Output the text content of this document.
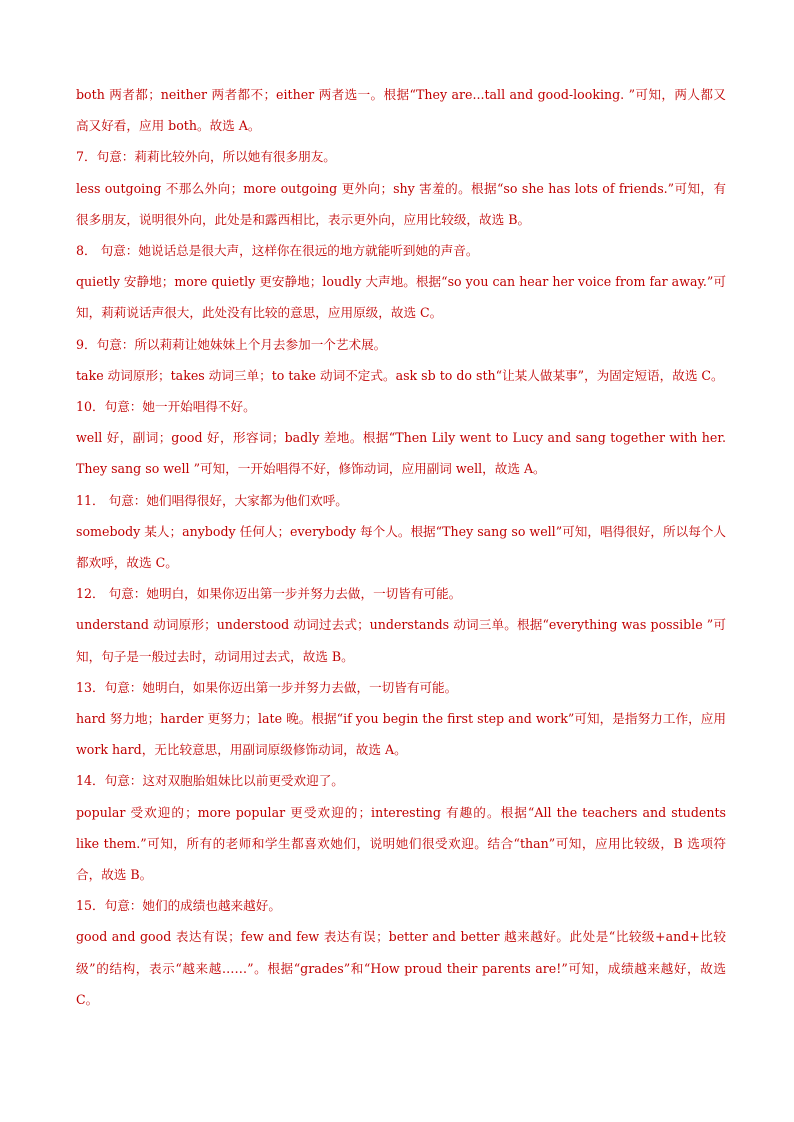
both 两者都；neither 两者都不；either 两者选一。根据“They are...tall and good-looking. ”可知，两人都又高又好看，应用 both。故选 A。

7．句意：莉莉比较外向，所以她有很多朋友。

less outgoing 不那么外向；more outgoing 更外向；shy 害羞的。根据“so she has lots of friends.”可知，有很多朋友，说明很外向，此处是和露西相比，表示更外向，应用比较级，故选 B。

8． 句意：她说话总是很大声，这样你在很远的地方就能听到她的声音。

quietly 安静地；more quietly 更安静地；loudly 大声地。根据“so you can hear her voice from far away.”可知，莉莉说话声很大，此处没有比较的意思，应用原级，故选 C。

9．句意：所以莉莉让她妹妹上个月去参加一个艺术展。

take 动词原形；takes 动词三单；to take 动词不定式。ask sb to do sth“让某人做某事”，为固定短语，故选 C。

10．句意：她一开始唱得不好。

well 好，副词；good 好，形容词；badly 差地。根据“Then Lily went to Lucy and sang together with her. They sang so well ”可知，一开始唱得不好，修饰动词，应用副词 well，故选 A。

11． 句意：她们唱得很好，大家都为他们欢呼。

somebody 某人；anybody 任何人；everybody 每个人。根据“They sang so well”可知，唱得很好，所以每个人都欢呼，故选 C。

12． 句意：她明白，如果你迈出第一步并努力去做，一切皆有可能。

understand 动词原形；understood 动词过去式；understands 动词三单。根据“everything was possible ”可知，句子是一般过去时，动词用过去式，故选 B。

13．句意：她明白，如果你迈出第一步并努力去做，一切皆有可能。

hard 努力地；harder 更努力；late 晚。根据“if you begin the first step and work”可知，是指努力工作，应用 work hard，无比较意思，用副词原级修饰动词，故选 A。

14．句意：这对双胞胎姐妹比以前更受欢迎了。

popular 受欢迎的；more popular 更受欢迎的；interesting 有趣的。根据“All the teachers and students like them.”可知，所有的老师和学生都喜欢她们，说明她们很受欢迎。结合“than”可知，应用比较级，B 选项符合，故选 B。

15．句意：她们的成绩也越来越好。

good and good 表达有误；few and few 表达有误；better and better 越来越好。此处是“比较级+and+比较级”的结构，表示“越来越……”。根据“grades”和“How proud their parents are!”可知，成绩越来越好，故选 C。
